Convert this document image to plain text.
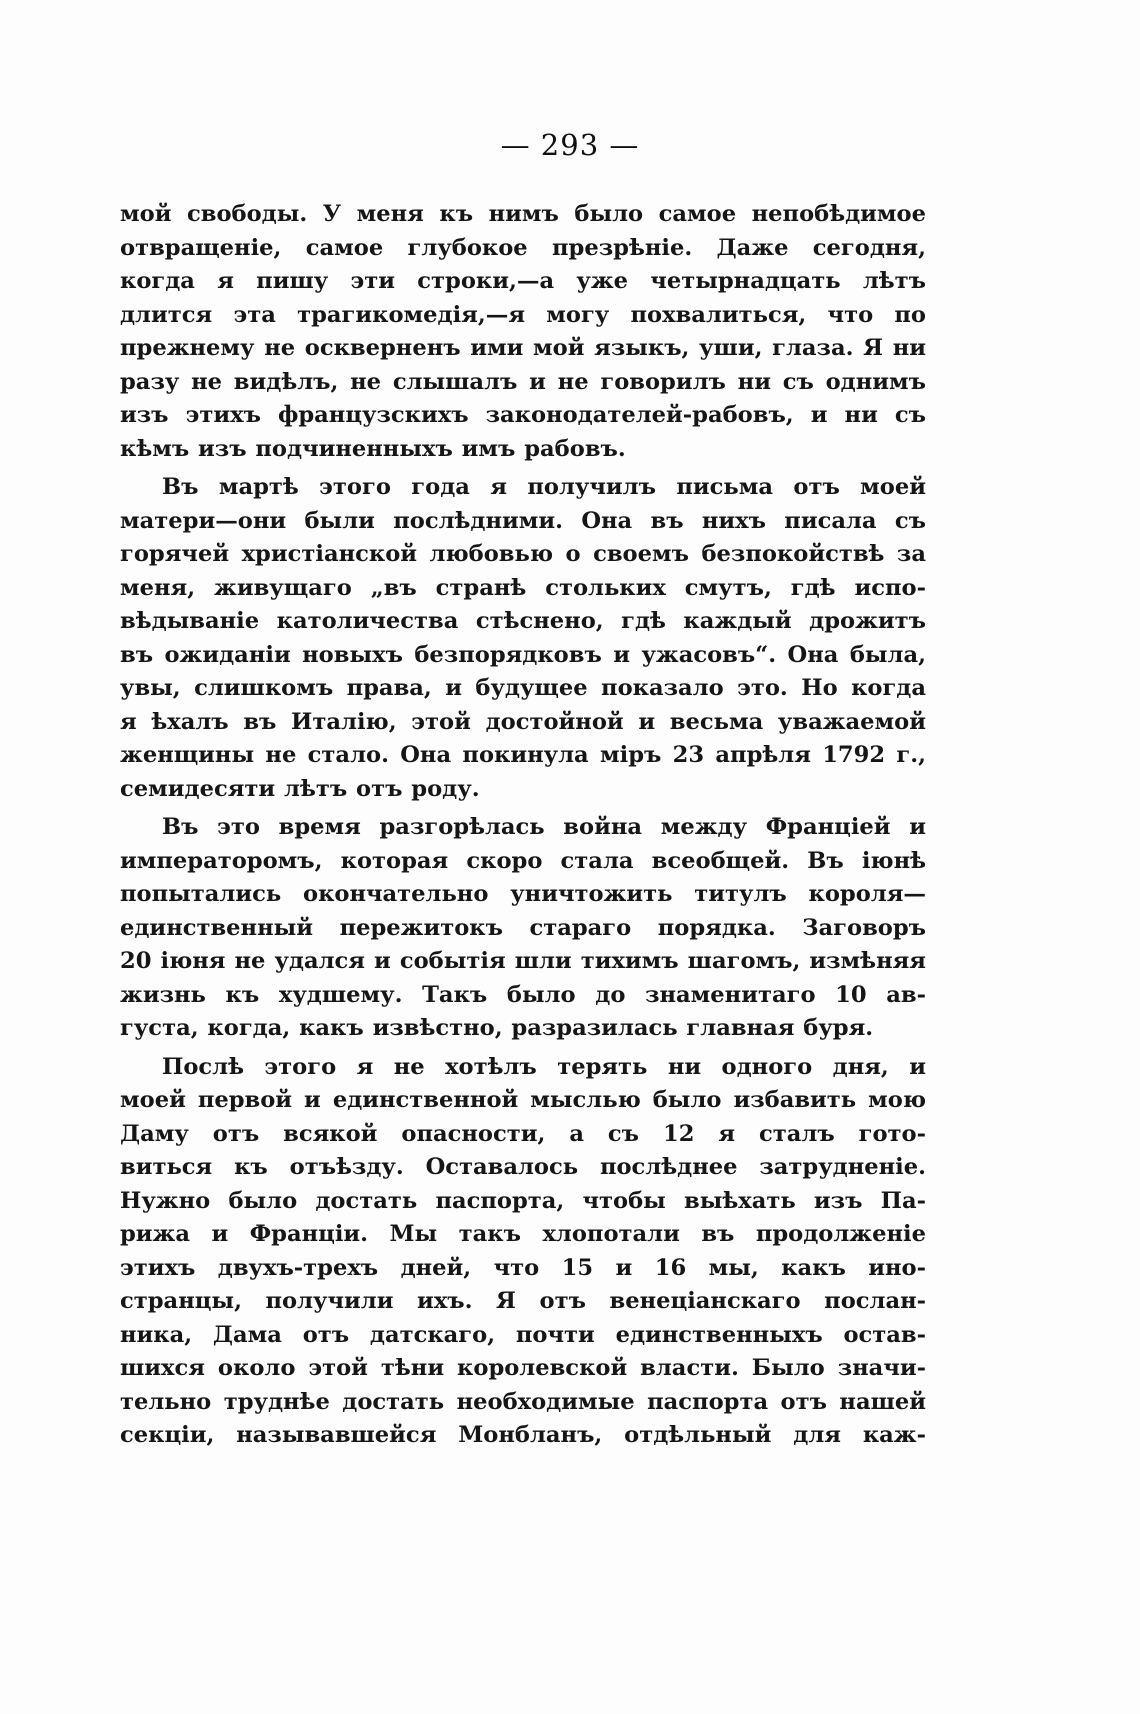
— 293 —
мой свободы. У меня къ нимъ было самое непобѣдимое
отвращеніе, самое глубокое презрѣніе. Даже сегодня,
когда я пишу эти строки,—а уже четырнадцать лѣтъ
длится эта трагикомедія,—я могу похвалиться, что по
прежнему не оскверненъ ими мой языкъ, уши, глаза. Я ни
разу не видѣлъ, не слышалъ и не говорилъ ни съ однимъ
изъ этихъ французскихъ законодателей-рабовъ, и ни съ
кѣмъ изъ подчиненныхъ имъ рабовъ.
Въ мартѣ этого года я получилъ письма отъ моей
матери—они были послѣдними. Она въ нихъ писала съ
горячей христіанской любовью о своемъ безпокойствѣ за
меня, живущаго „въ странѣ стольких смутъ, гдѣ испо-
вѣдываніе католичества стѣснено, гдѣ каждый дрожитъ
въ ожиданіи новыхъ безпорядковъ и ужасовъ“. Она была,
увы, слишкомъ права, и будущее показало это. Но когда
я ѣхалъ въ Италію, этой достойной и весьма уважаемой
женщины не стало. Она покинула міръ 23 апрѣля 1792 г.,
семидесяти лѣтъ отъ роду.
Въ это время разгорѣлась война между Франціей и
императоромъ, которая скоро стала всеобщей. Въ іюнѣ
попытались окончательно уничтожить титулъ короля—
единственный пережитокъ стараго порядка. Заговоръ
20 іюня не удался и событія шли тихимъ шагомъ, измѣняя
жизнь къ худшему. Такъ было до знаменитаго 10 ав-
густа, когда, какъ извѣстно, разразилась главная буря.
Послѣ этого я не хотѣлъ терять ни одного дня, и
моей первой и единственной мыслью было избавить мою
Даму отъ всякой опасности, а съ 12 я сталъ гото-
виться къ отъѣзду. Оставалось послѣднее затрудненіе.
Нужно было достать паспорта, чтобы выѣхать изъ Па-
рижа и Франціи. Мы такъ хлопотали въ продолженіе
этихъ двухъ-трехъ дней, что 15 и 16 мы, какъ ино-
странцы, получили ихъ. Я отъ венеціанскаго послан-
ника, Дама отъ датскаго, почти единственныхъ остав-
шихся около этой тѣни королевской власти. Было значи-
тельно труднѣе достать необходимые паспорта отъ нашей
секціи, называвшейся Монбланъ, отдѣльный для каж-
